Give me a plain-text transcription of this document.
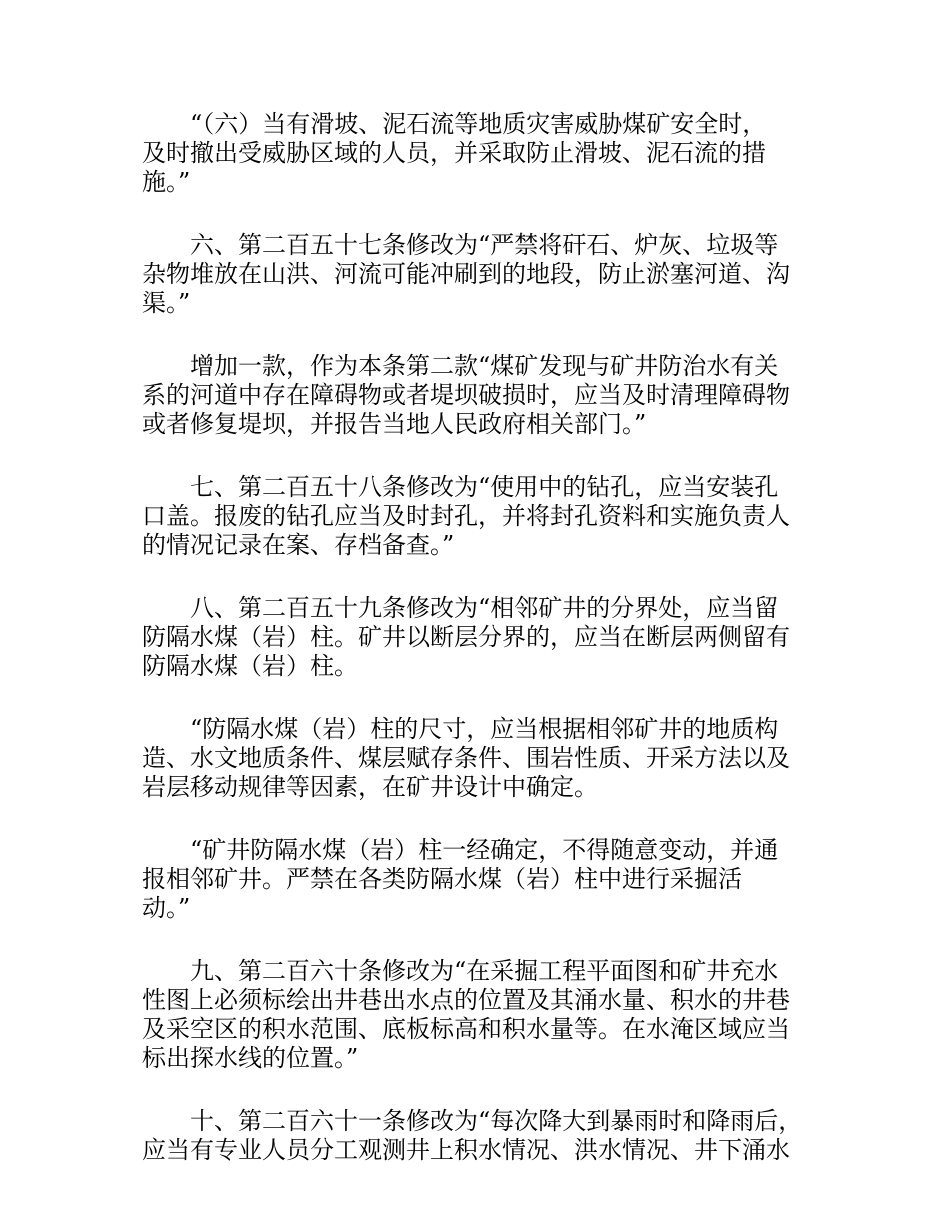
“（六）当有滑坡、泥石流等地质灾害威胁煤矿安全时，
及时撤出受威胁区域的人员，并采取防止滑坡、泥石流的措
施。”

六、第二百五十七条修改为“严禁将矸石、炉灰、垃圾等
杂物堆放在山洪、河流可能冲刷到的地段，防止淤塞河道、沟
渠。”

增加一款，作为本条第二款“煤矿发现与矿井防治水有关
系的河道中存在障碍物或者堤坝破损时，应当及时清理障碍物
或者修复堤坝，并报告当地人民政府相关部门。”

七、第二百五十八条修改为“使用中的钻孔，应当安装孔
口盖。报废的钻孔应当及时封孔，并将封孔资料和实施负责人
的情况记录在案、存档备查。”

八、第二百五十九条修改为“相邻矿井的分界处，应当留
防隔水煤（岩）柱。矿井以断层分界的，应当在断层两侧留有
防隔水煤（岩）柱。

“防隔水煤（岩）柱的尺寸，应当根据相邻矿井的地质构
造、水文地质条件、煤层赋存条件、围岩性质、开采方法以及
岩层移动规律等因素，在矿井设计中确定。

“矿井防隔水煤（岩）柱一经确定，不得随意变动，并通
报相邻矿井。严禁在各类防隔水煤（岩）柱中进行采掘活
动。”

九、第二百六十条修改为“在采掘工程平面图和矿井充水
性图上必须标绘出井巷出水点的位置及其涌水量、积水的井巷
及采空区的积水范围、底板标高和积水量等。在水淹区域应当
标出探水线的位置。”

十、第二百六十一条修改为“每次降大到暴雨时和降雨后，
应当有专业人员分工观测井上积水情况、洪水情况、井下涌水
